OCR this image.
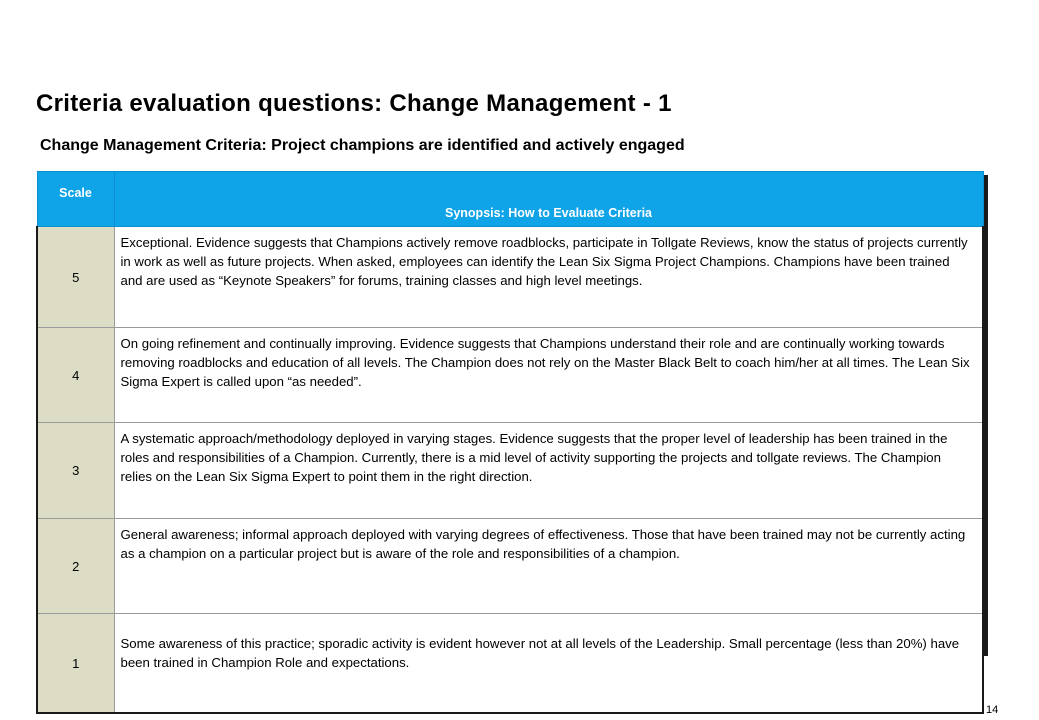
Criteria evaluation questions: Change Management - 1
Change Management Criteria: Project champions are identified and actively engaged
Scale	Synopsis: How to Evaluate Criteria
5	Exceptional. Evidence suggests that Champions actively remove roadblocks, participate in Tollgate Reviews, know the status of projects currently in work as well as future projects. When asked, employees can identify the Lean Six Sigma Project Champions. Champions have been trained and are used as “Keynote Speakers” for forums, training classes and high level meetings.
4	On going refinement and continually improving. Evidence suggests that Champions understand their role and are continually working towards removing roadblocks and education of all levels. The Champion does not rely on the Master Black Belt to coach him/her at all times. The Lean Six Sigma Expert is called upon “as needed”.
3	A systematic approach/methodology deployed in varying stages. Evidence suggests that the proper level of leadership has been trained in the roles and responsibilities of a Champion. Currently, there is a mid level of activity supporting the projects and tollgate reviews. The Champion relies on the Lean Six Sigma Expert to point them in the right direction.
2	General awareness; informal approach deployed with varying degrees of effectiveness. Those that have been trained may not be currently acting as a champion on a particular project but is aware of the role and responsibilities of a champion.
1	Some awareness of this practice; sporadic activity is evident however not at all levels of the Leadership. Small percentage (less than 20%) have been trained in Champion Role and expectations.
14
